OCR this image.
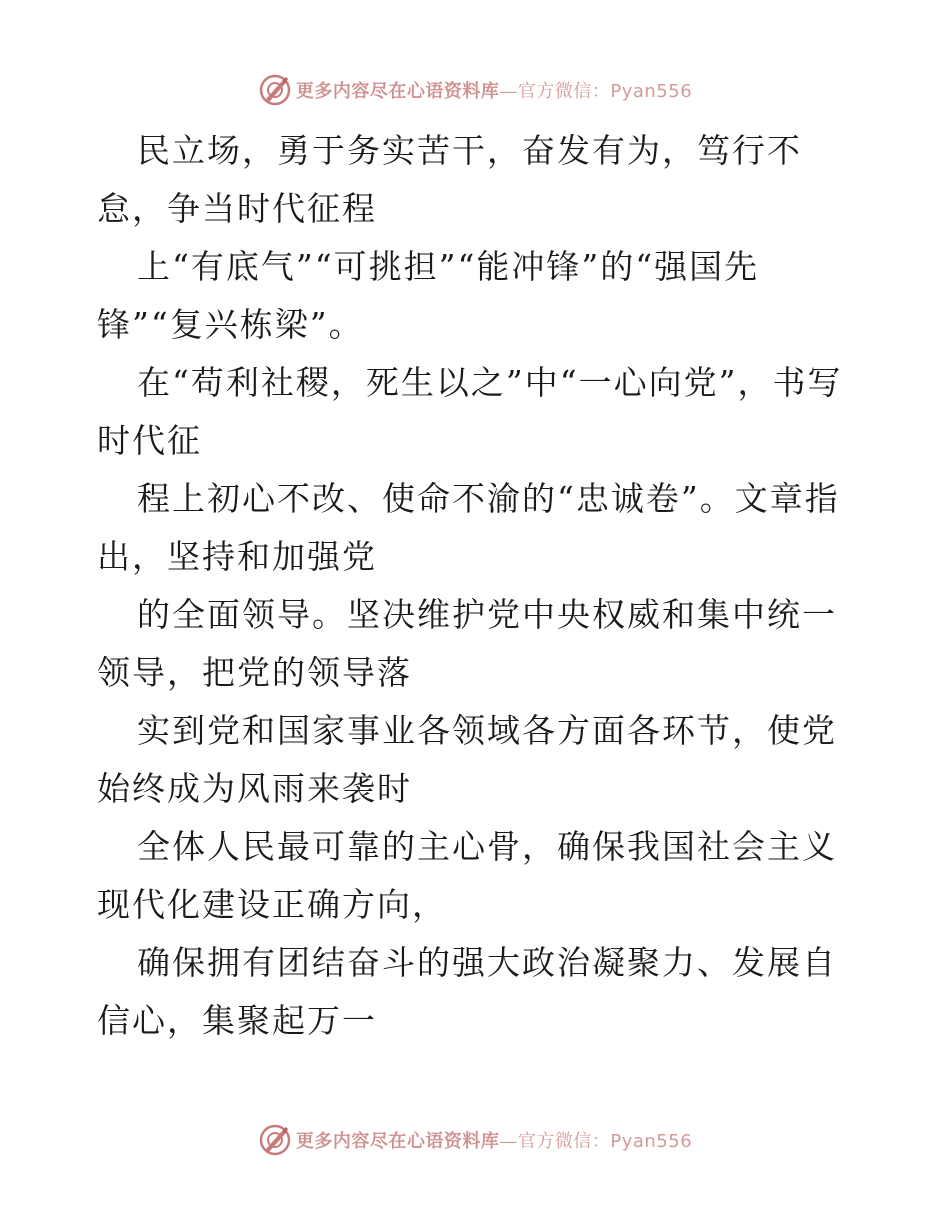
更多内容尽在心语资料库—官方微信：Pyan556

民立场，勇于务实苦干，奋发有为，笃行不怠，争当时代征程

上“有底气”“可挑担”“能冲锋”的“强国先锋”“复兴栋梁”。

在“苟利社稷，死生以之”中“一心向党”，书写时代征

程上初心不改、使命不渝的“忠诚卷”。文章指出，坚持和加强党

的全面领导。坚决维护党中央权威和集中统一领导，把党的领导落

实到党和国家事业各领域各方面各环节，使党始终成为风雨来袭时

全体人民最可靠的主心骨，确保我国社会主义现代化建设正确方向，

确保拥有团结奋斗的强大政治凝聚力、发展自信心，集聚起万一

更多内容尽在心语资料库—官方微信：Pyan556
